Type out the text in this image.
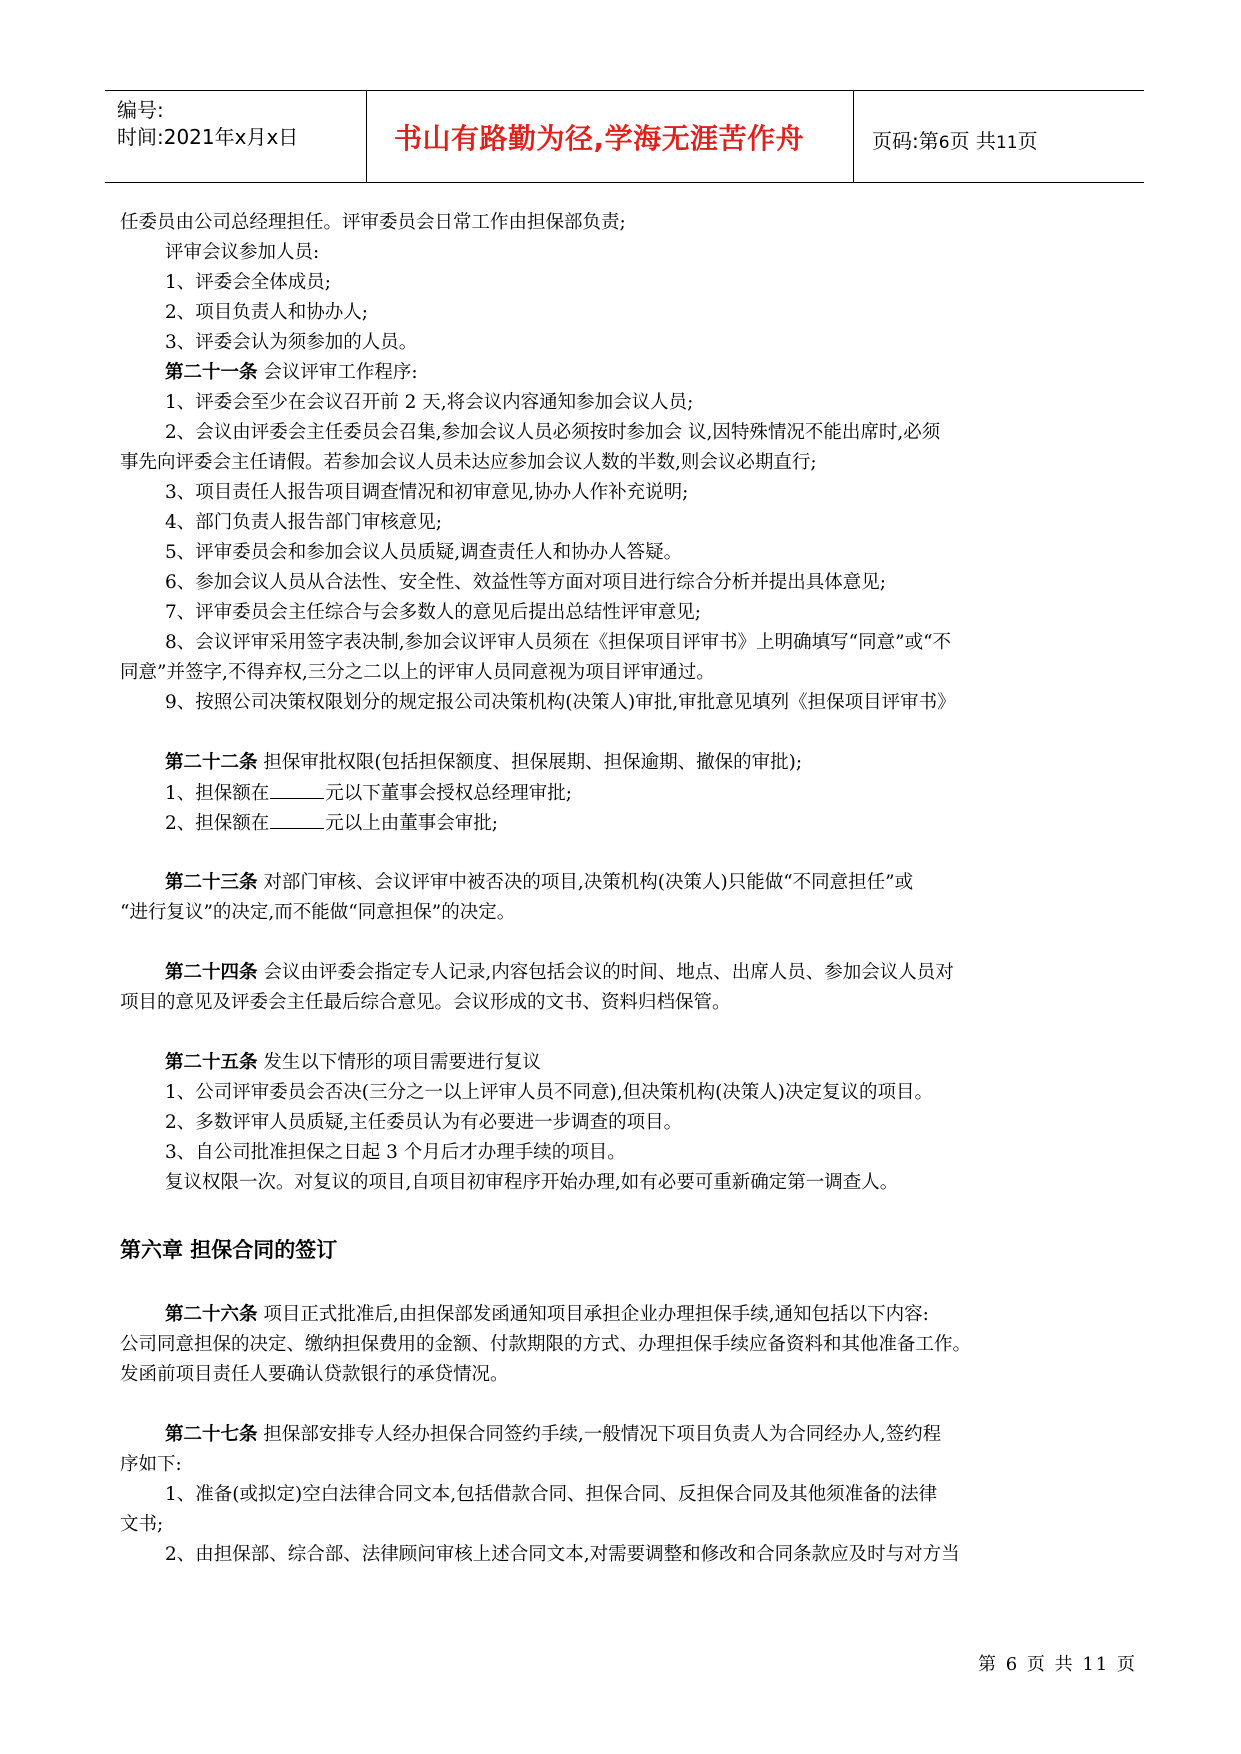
编号:
时间:2021年x月x日	书山有路勤为径,学海无涯苦作舟	页码:第6页 共11页
任委员由公司总经理担任。评审委员会日常工作由担保部负责;
评审会议参加人员:
1、评委会全体成员;
2、项目负责人和协办人;
3、评委会认为须参加的人员。
第二十一条 会议评审工作程序:
1、评委会至少在会议召开前 2 天,将会议内容通知参加会议人员;
2、会议由评委会主任委员会召集,参加会议人员必须按时参加会 议,因特殊情况不能出席时,必须
事先向评委会主任请假。若参加会议人员未达应参加会议人数的半数,则会议必期直行;
3、项目责任人报告项目调查情况和初审意见,协办人作补充说明;
4、部门负责人报告部门审核意见;
5、评审委员会和参加会议人员质疑,调查责任人和协办人答疑。
6、参加会议人员从合法性、安全性、效益性等方面对项目进行综合分析并提出具体意见;
7、评审委员会主任综合与会多数人的意见后提出总结性评审意见;
8、会议评审采用签字表决制,参加会议评审人员须在《担保项目评审书》上明确填写“同意”或“不
同意”并签字,不得弃权,三分之二以上的评审人员同意视为项目评审通过。
9、按照公司决策权限划分的规定报公司决策机构(决策人)审批,审批意见填列《担保项目评审书》
第二十二条 担保审批权限(包括担保额度、担保展期、担保逾期、撤保的审批);
1、担保额在	元以下董事会授权总经理审批;
2、担保额在	元以上由董事会审批;
第二十三条 对部门审核、会议评审中被否决的项目,决策机构(决策人)只能做“不同意担任”或
“进行复议”的决定,而不能做“同意担保”的决定。
第二十四条 会议由评委会指定专人记录,内容包括会议的时间、地点、出席人员、参加会议人员对
项目的意见及评委会主任最后综合意见。会议形成的文书、资料归档保管。
第二十五条 发生以下情形的项目需要进行复议
1、公司评审委员会否决(三分之一以上评审人员不同意),但决策机构(决策人)决定复议的项目。
2、多数评审人员质疑,主任委员认为有必要进一步调查的项目。
3、自公司批准担保之日起 3 个月后才办理手续的项目。
复议权限一次。对复议的项目,自项目初审程序开始办理,如有必要可重新确定第一调查人。
第六章 担保合同的签订
第二十六条 项目正式批准后,由担保部发函通知项目承担企业办理担保手续,通知包括以下内容:
公司同意担保的决定、缴纳担保费用的金额、付款期限的方式、办理担保手续应备资料和其他准备工作。
发函前项目责任人要确认贷款银行的承贷情况。
第二十七条 担保部安排专人经办担保合同签约手续,一般情况下项目负责人为合同经办人,签约程
序如下:
1、准备(或拟定)空白法律合同文本,包括借款合同、担保合同、反担保合同及其他须准备的法律
文书;
2、由担保部、综合部、法律顾问审核上述合同文本,对需要调整和修改和合同条款应及时与对方当
第 6 页 共 11 页
